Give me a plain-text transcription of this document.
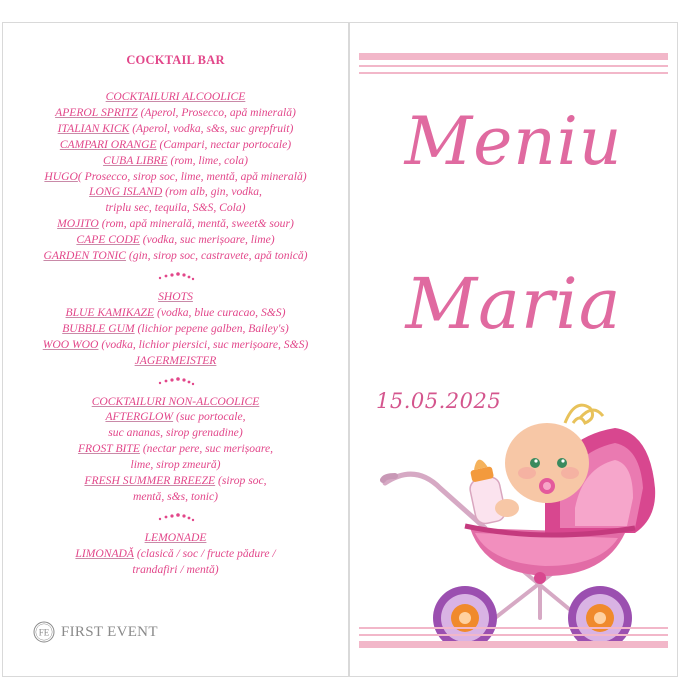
COCKTAIL BAR
COCKTAILURI ALCOOLICE
APEROL SPRITZ (Aperol, Prosecco, apă minerală)
ITALIAN KICK (Aperol, vodka, s&s, suc grepfruit)
CAMPARI ORANGE (Campari, nectar portocale)
CUBA LIBRE (rom, lime, cola)
HUGO( Prosecco, sirop soc, lime, mentă, apă minerală)
LONG ISLAND (rom alb, gin, vodka,
triplu sec, tequila, S&S, Cola)
MOJITO (rom, apă minerală, mentă, sweet& sour)
CAPE CODE (vodka, suc merișoare, lime)
GARDEN TONIC (gin, sirop soc, castravete, apă tonică)
SHOTS
BLUE KAMIKAZE (vodka, blue curacao, S&S)
BUBBLE GUM (lichior pepene galben, Bailey's)
WOO WOO (vodka, lichior piersici, suc merișoare, S&S)
JAGERMEISTER
COCKTAILURI NON-ALCOOLICE
AFTERGLOW (suc portocale,
suc ananas, sirop grenadine)
FROST BITE (nectar pere, suc merișoare,
lime, sirop zmeură)
FRESH SUMMER BREEZE (sirop soc,
mentă, s&s, tonic)
LEMONADE
LIMONADĂ (clasică / soc / fructe pădure /
trandafiri / mentă)
FE FIRST EVENT
Meniu
Maria
15.05.2025
